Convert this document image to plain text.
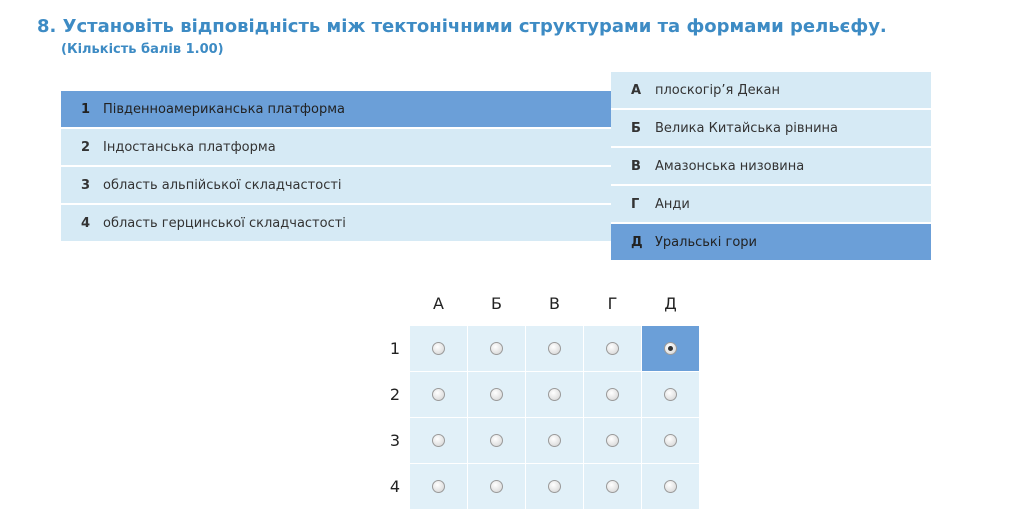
8. Установіть відповідність між тектонічними структурами та формами рельєфу.
(Кількість балів 1.00)
1 Південноамериканська платформа
2 Індостанська платформа
3 область альпійської складчастості
4 область герцинської складчастості
А	плоскогір’я Декан
Б	Велика Китайська рівнина
В	Амазонська низовина
Г	Анди
Д Уральські гори
А	Б	В	Г	Д
1
2
3
4
